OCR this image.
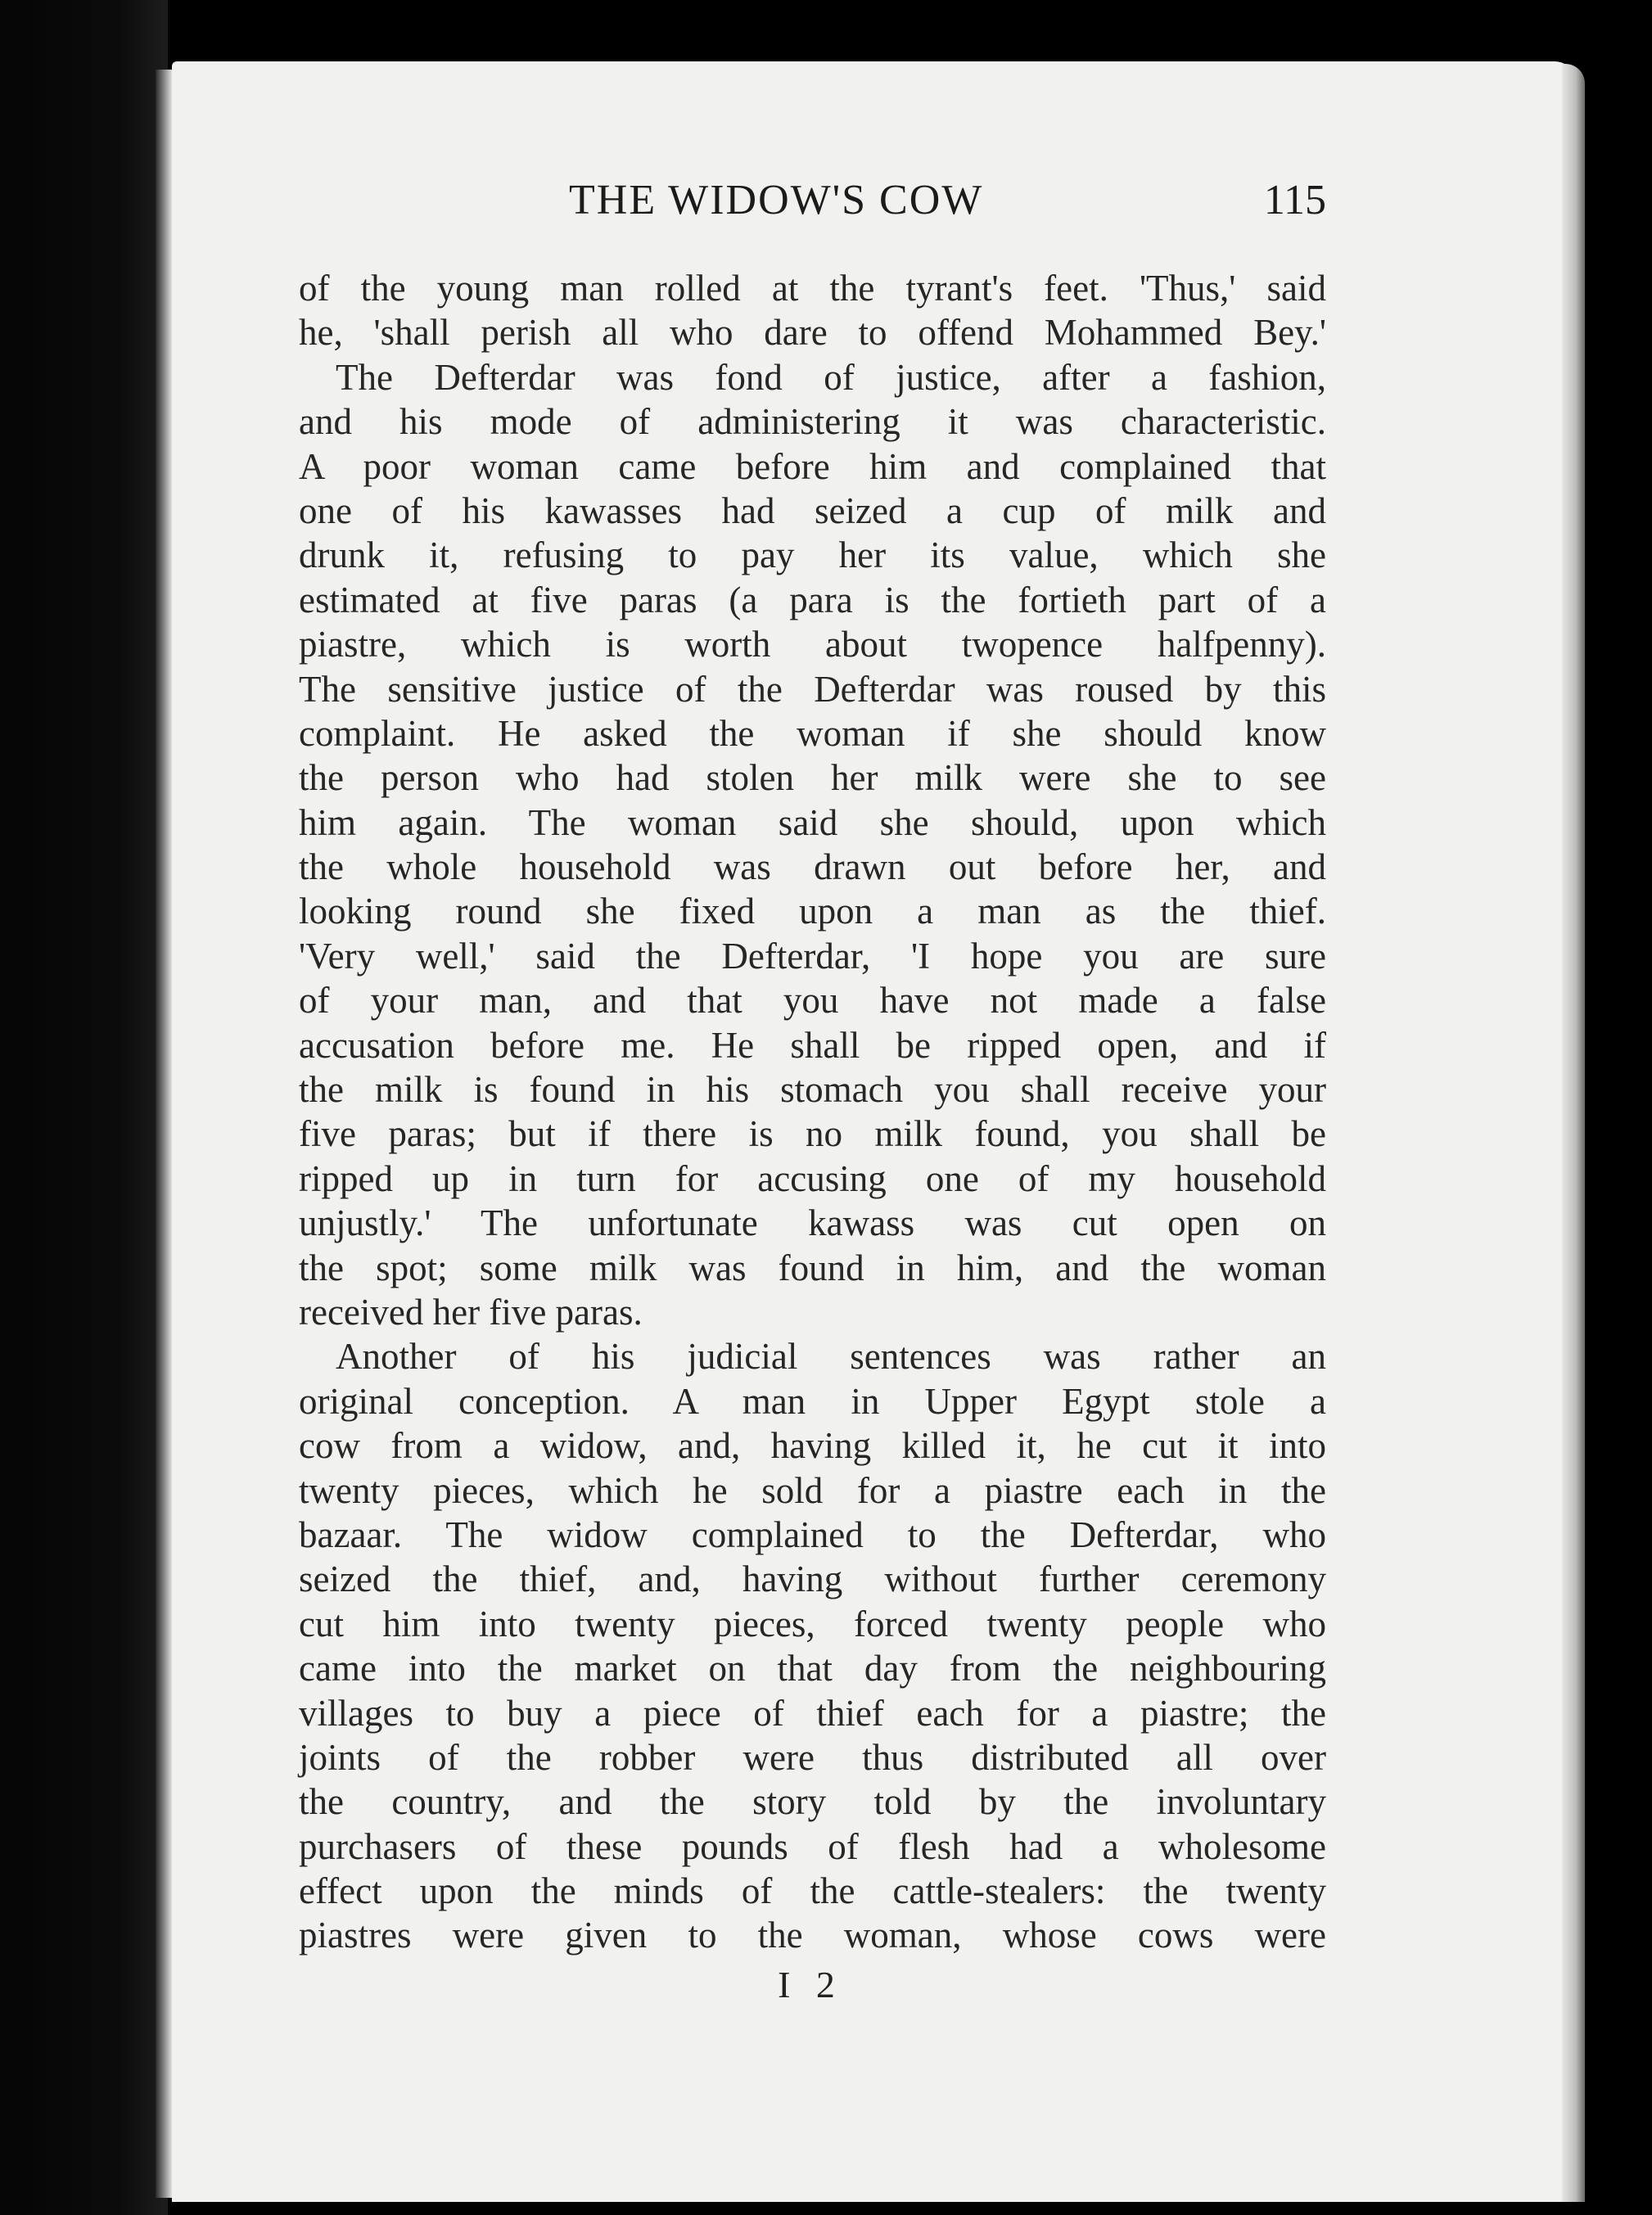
THE WIDOW'S COW	115
of the young man rolled at the tyrant's feet. 'Thus,' said
he, 'shall perish all who dare to offend Mohammed Bey.'
The Defterdar was fond of justice, after a fashion,
and his mode of administering it was characteristic.
A poor woman came before him and complained that
one of his kawasses had seized a cup of milk and
drunk it, refusing to pay her its value, which she
estimated at five paras (a para is the fortieth part of a
piastre, which is worth about twopence halfpenny).
The sensitive justice of the Defterdar was roused by this
complaint. He asked the woman if she should know
the person who had stolen her milk were she to see
him again. The woman said she should, upon which
the whole household was drawn out before her, and
looking round she fixed upon a man as the thief.
'Very well,' said the Defterdar, 'I hope you are sure
of your man, and that you have not made a false
accusation before me. He shall be ripped open, and if
the milk is found in his stomach you shall receive your
five paras; but if there is no milk found, you shall be
ripped up in turn for accusing one of my household
unjustly.' The unfortunate kawass was cut open on
the spot; some milk was found in him, and the woman
received her five paras.
Another of his judicial sentences was rather an
original conception. A man in Upper Egypt stole a
cow from a widow, and, having killed it, he cut it into
twenty pieces, which he sold for a piastre each in the
bazaar. The widow complained to the Defterdar, who
seized the thief, and, having without further ceremony
cut him into twenty pieces, forced twenty people who
came into the market on that day from the neighbouring
villages to buy a piece of thief each for a piastre; the
joints of the robber were thus distributed all over
the country, and the story told by the involuntary
purchasers of these pounds of flesh had a wholesome
effect upon the minds of the cattle-stealers: the twenty
piastres were given to the woman, whose cows were
I 2
